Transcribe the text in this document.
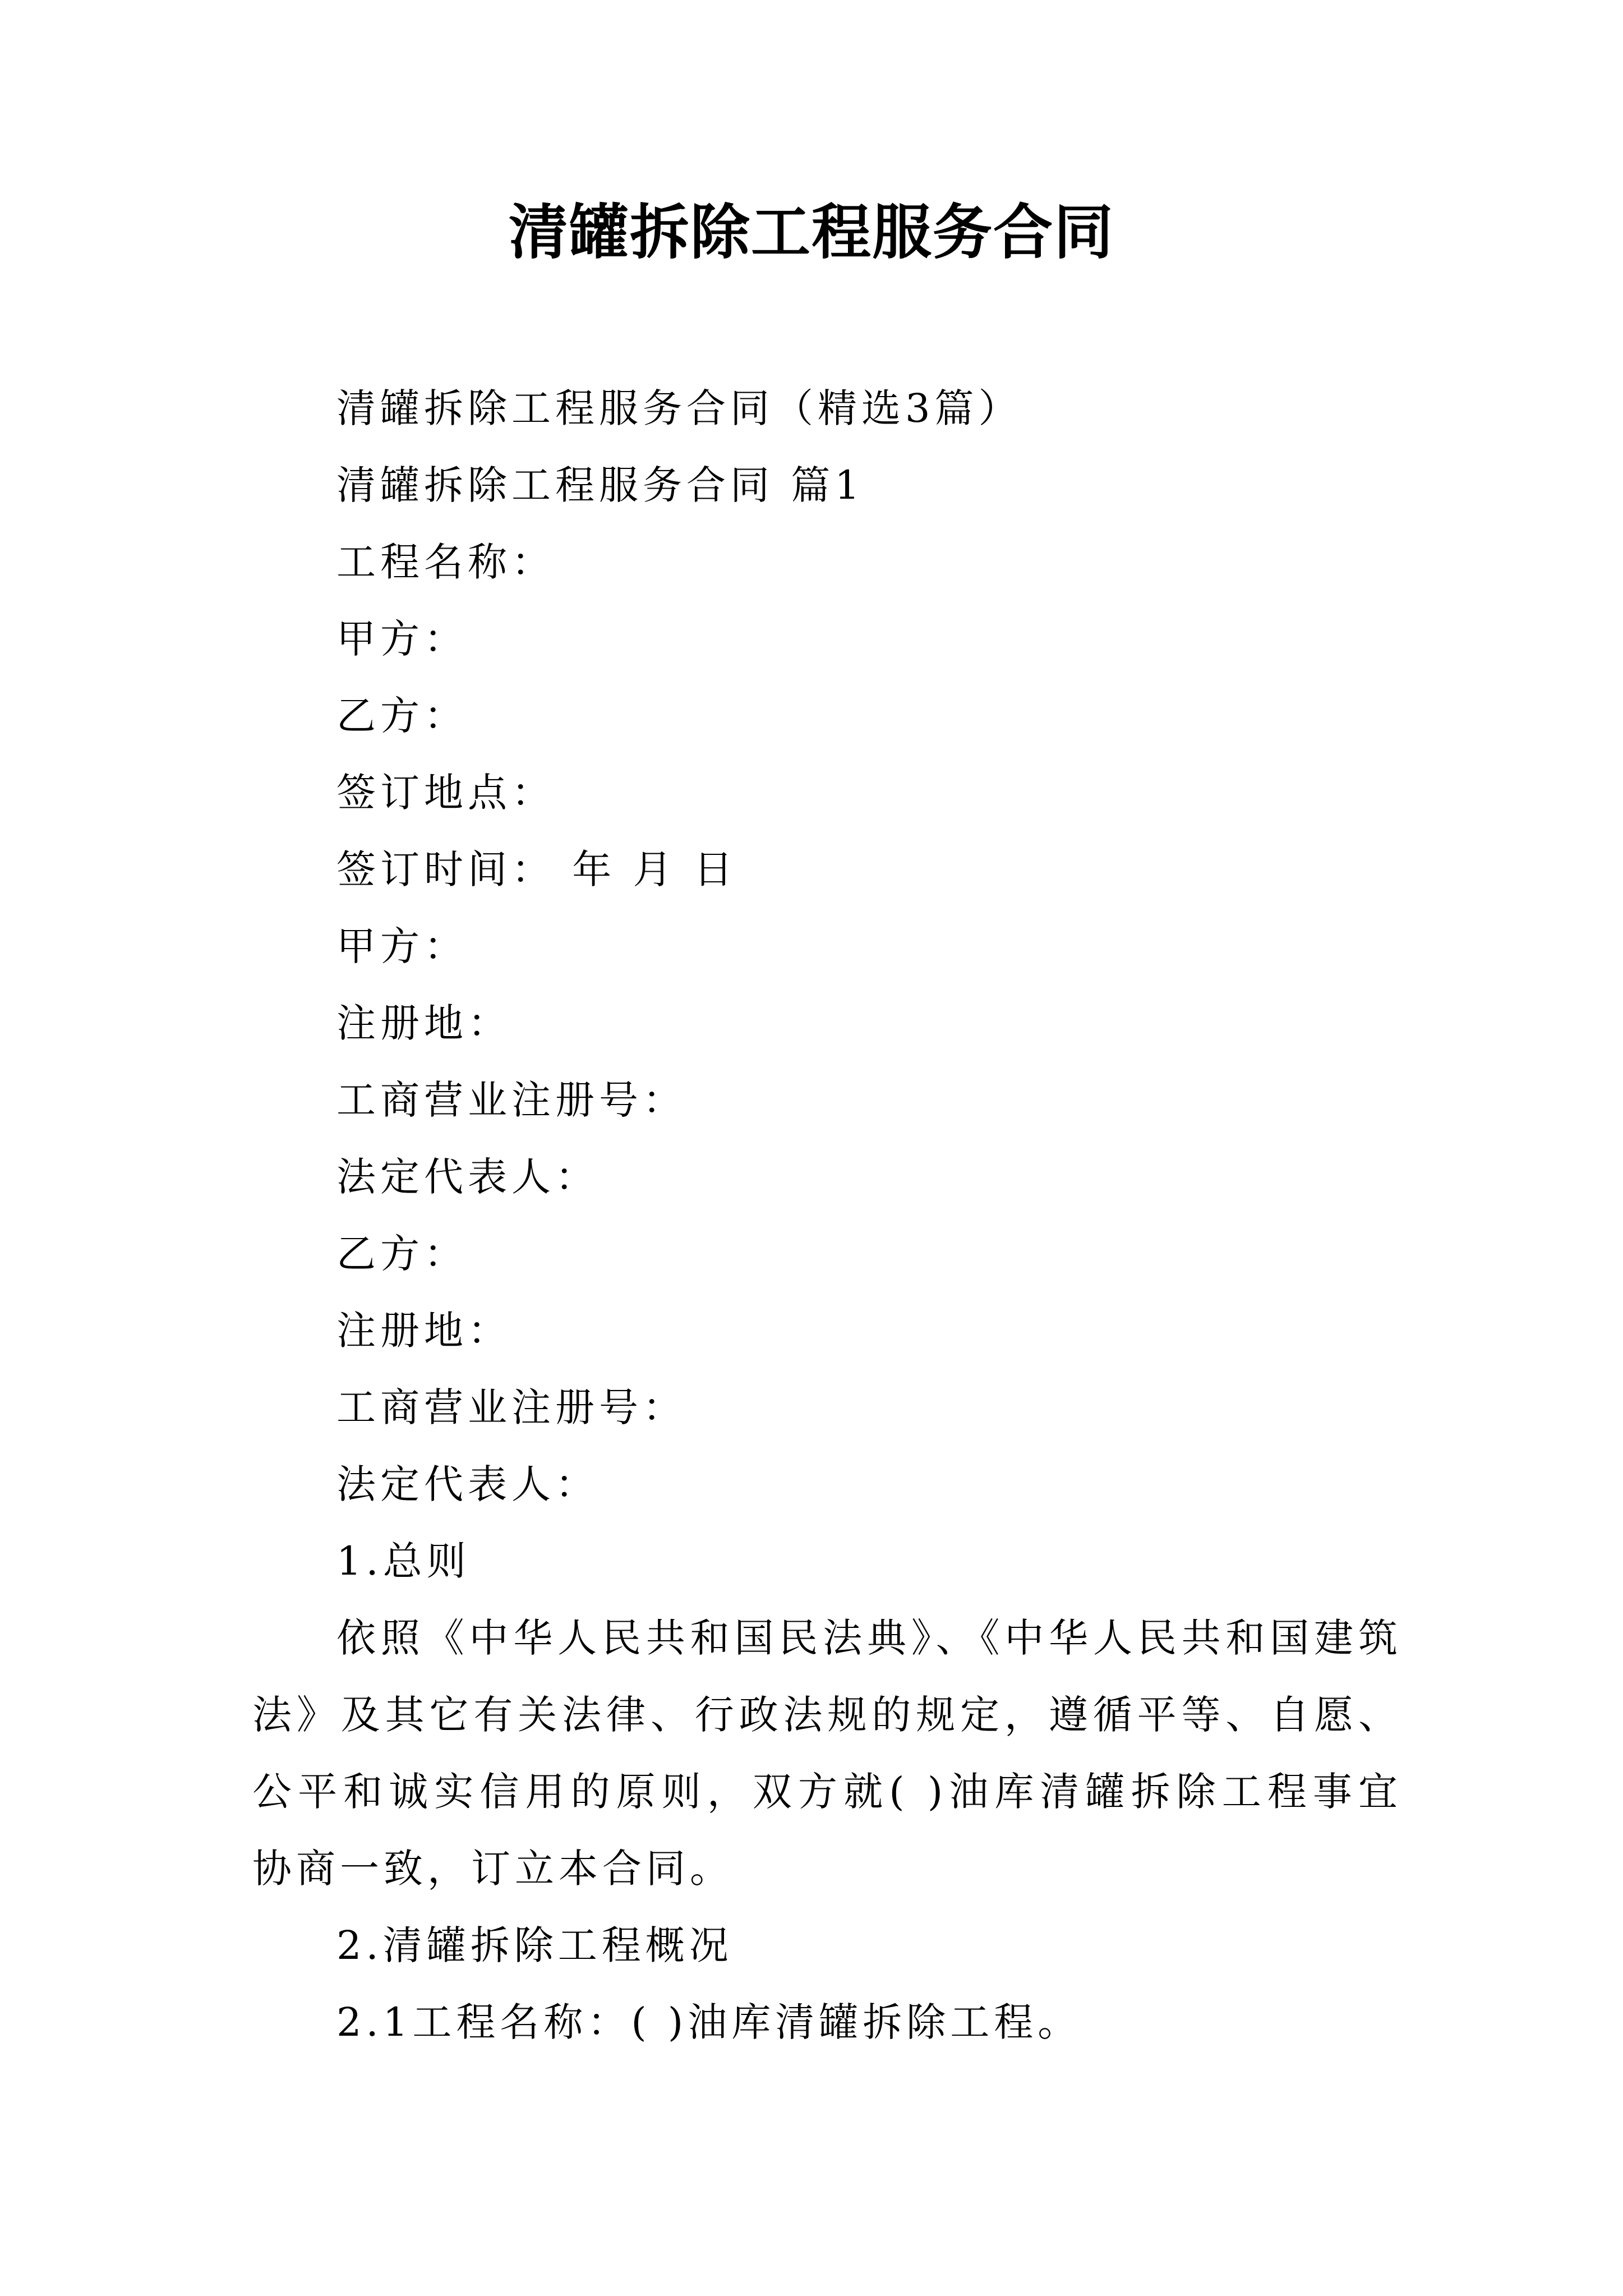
清罐拆除工程服务合同
清罐拆除工程服务合同（精选3篇）
清罐拆除工程服务合同 篇1
工程名称：
甲方：
乙方：
签订地点：
签订时间： 年 月 日
甲方：
注册地：
工商营业注册号：
法定代表人：
乙方：
注册地：
工商营业注册号：
法定代表人：
1.总则
依照《中华人民共和国民法典》、《中华人民共和国建筑法》及其它有关法律、行政法规的规定，遵循平等、自愿、公平和诚实信用的原则，双方就( )油库清罐拆除工程事宜协商一致，订立本合同。
2.清罐拆除工程概况
2.1工程名称：( )油库清罐拆除工程。
